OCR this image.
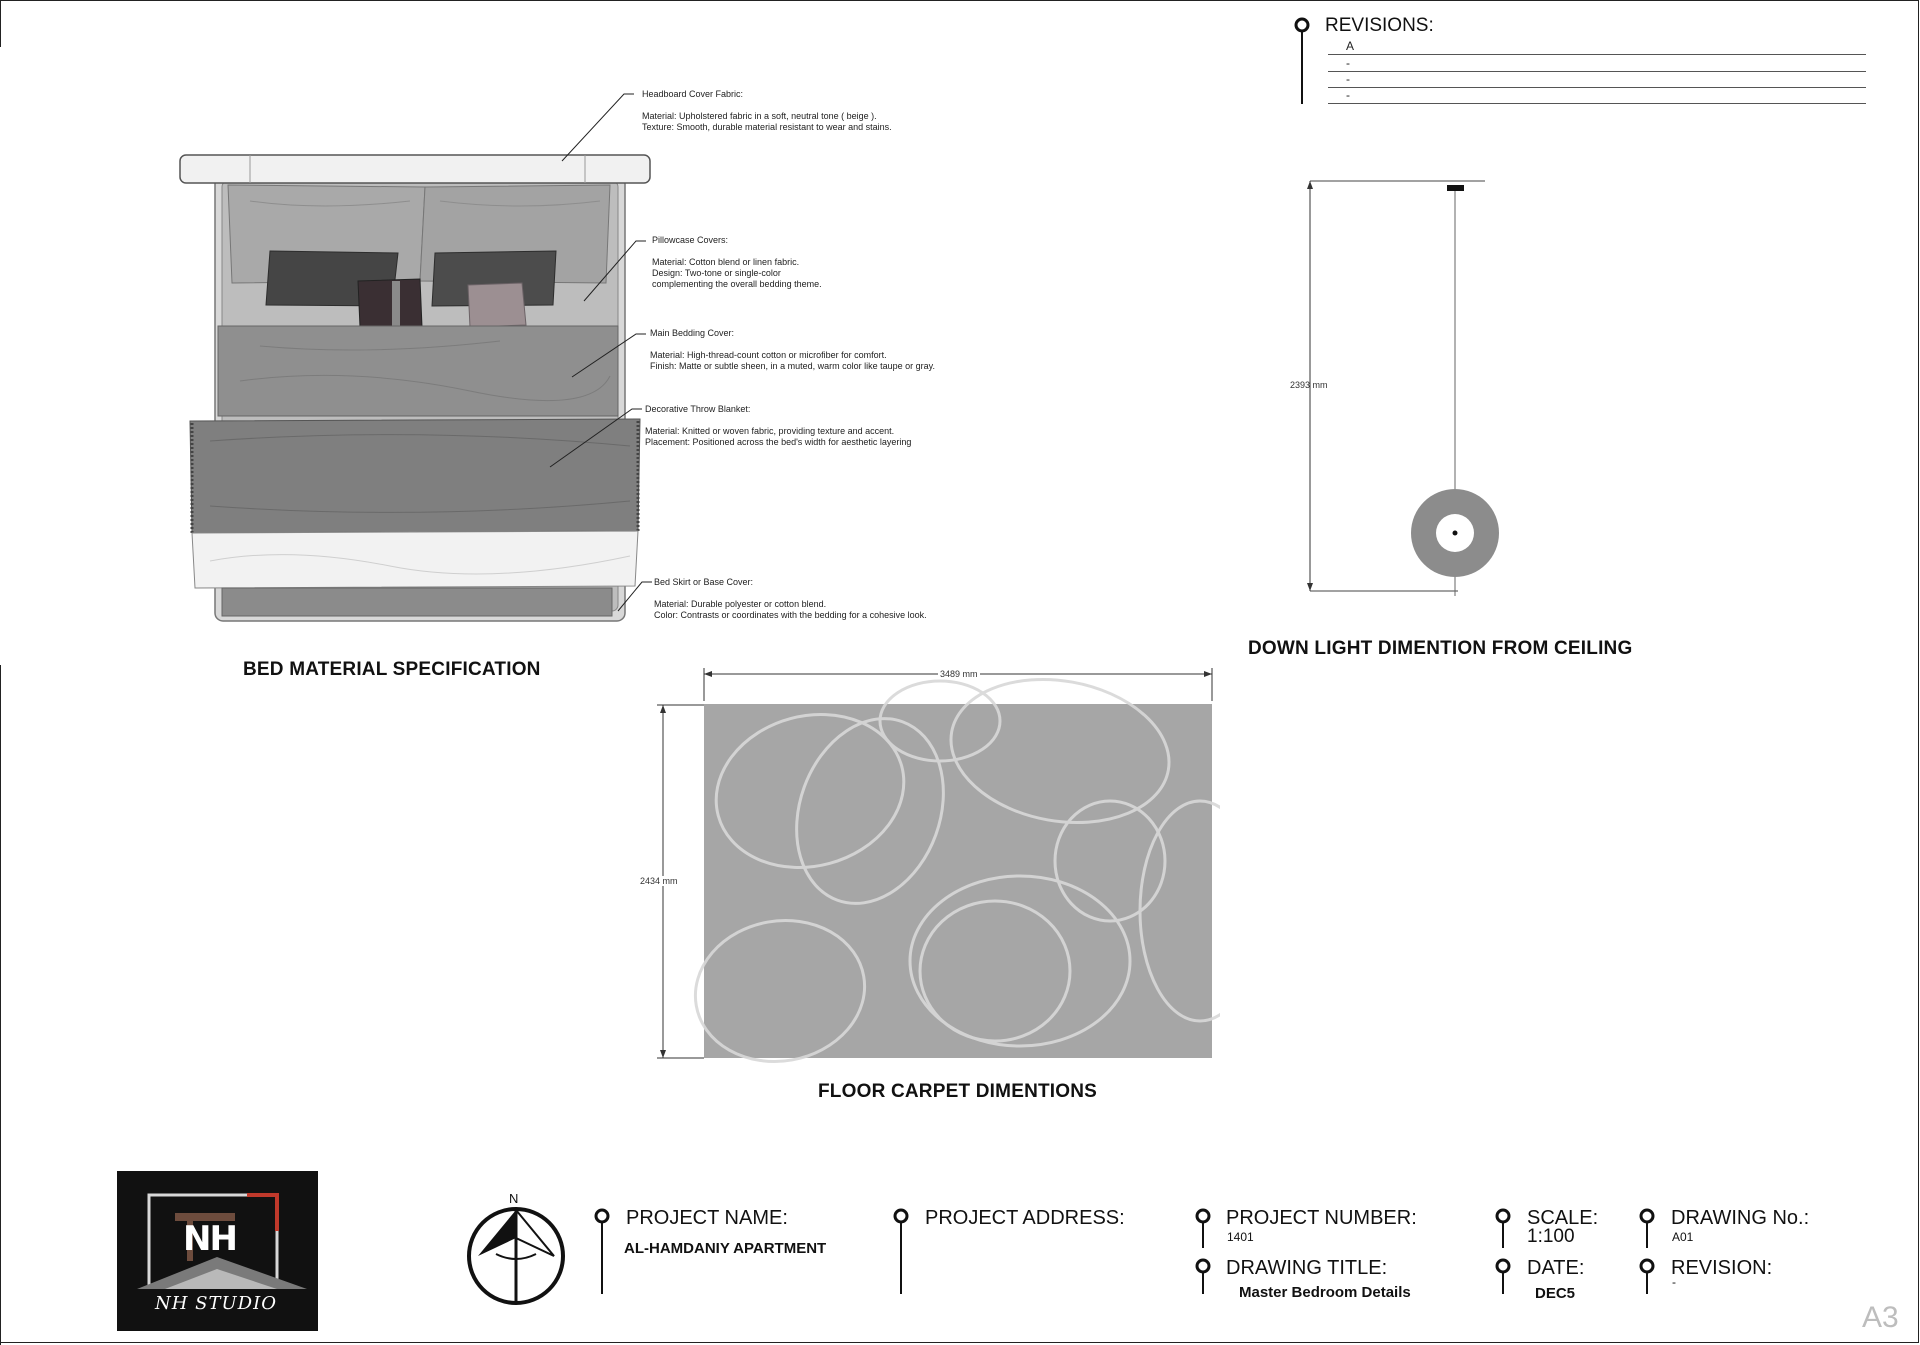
REVISIONS:
A
-
-
-
Headboard Cover Fabric:

Material: Upholstered fabric in a soft, neutral tone ( beige ).
Texture: Smooth, durable material resistant to wear and stains.
Pillowcase Covers:

Material: Cotton blend or linen fabric.
Design: Two-tone or single-color
complementing the overall bedding theme.
Main Bedding Cover:

Material: High-thread-count cotton or microfiber for comfort.
Finish: Matte or subtle sheen, in a muted, warm color like taupe or gray.
Decorative Throw Blanket:

Material: Knitted or woven fabric, providing texture and accent.
Placement: Positioned across the bed's width for aesthetic layering
Bed Skirt or Base Cover:

Material: Durable polyester or cotton blend.
Color: Contrasts or coordinates with the bedding for a cohesive look.
BED MATERIAL SPECIFICATION
2393 mm
DOWN LIGHT DIMENTION FROM CEILING
3489 mm
2434 mm
FLOOR CARPET DIMENTIONS
NH
NH STUDIO
N
PROJECT NAME:
AL-HAMDANIY APARTMENT
PROJECT ADDRESS:	PROJECT NUMBER:
1401
DRAWING TITLE:
Master Bedroom Details
SCALE:
1:100
DATE:
DEC5
DRAWING No.:
A01
REVISION:
-
A3
